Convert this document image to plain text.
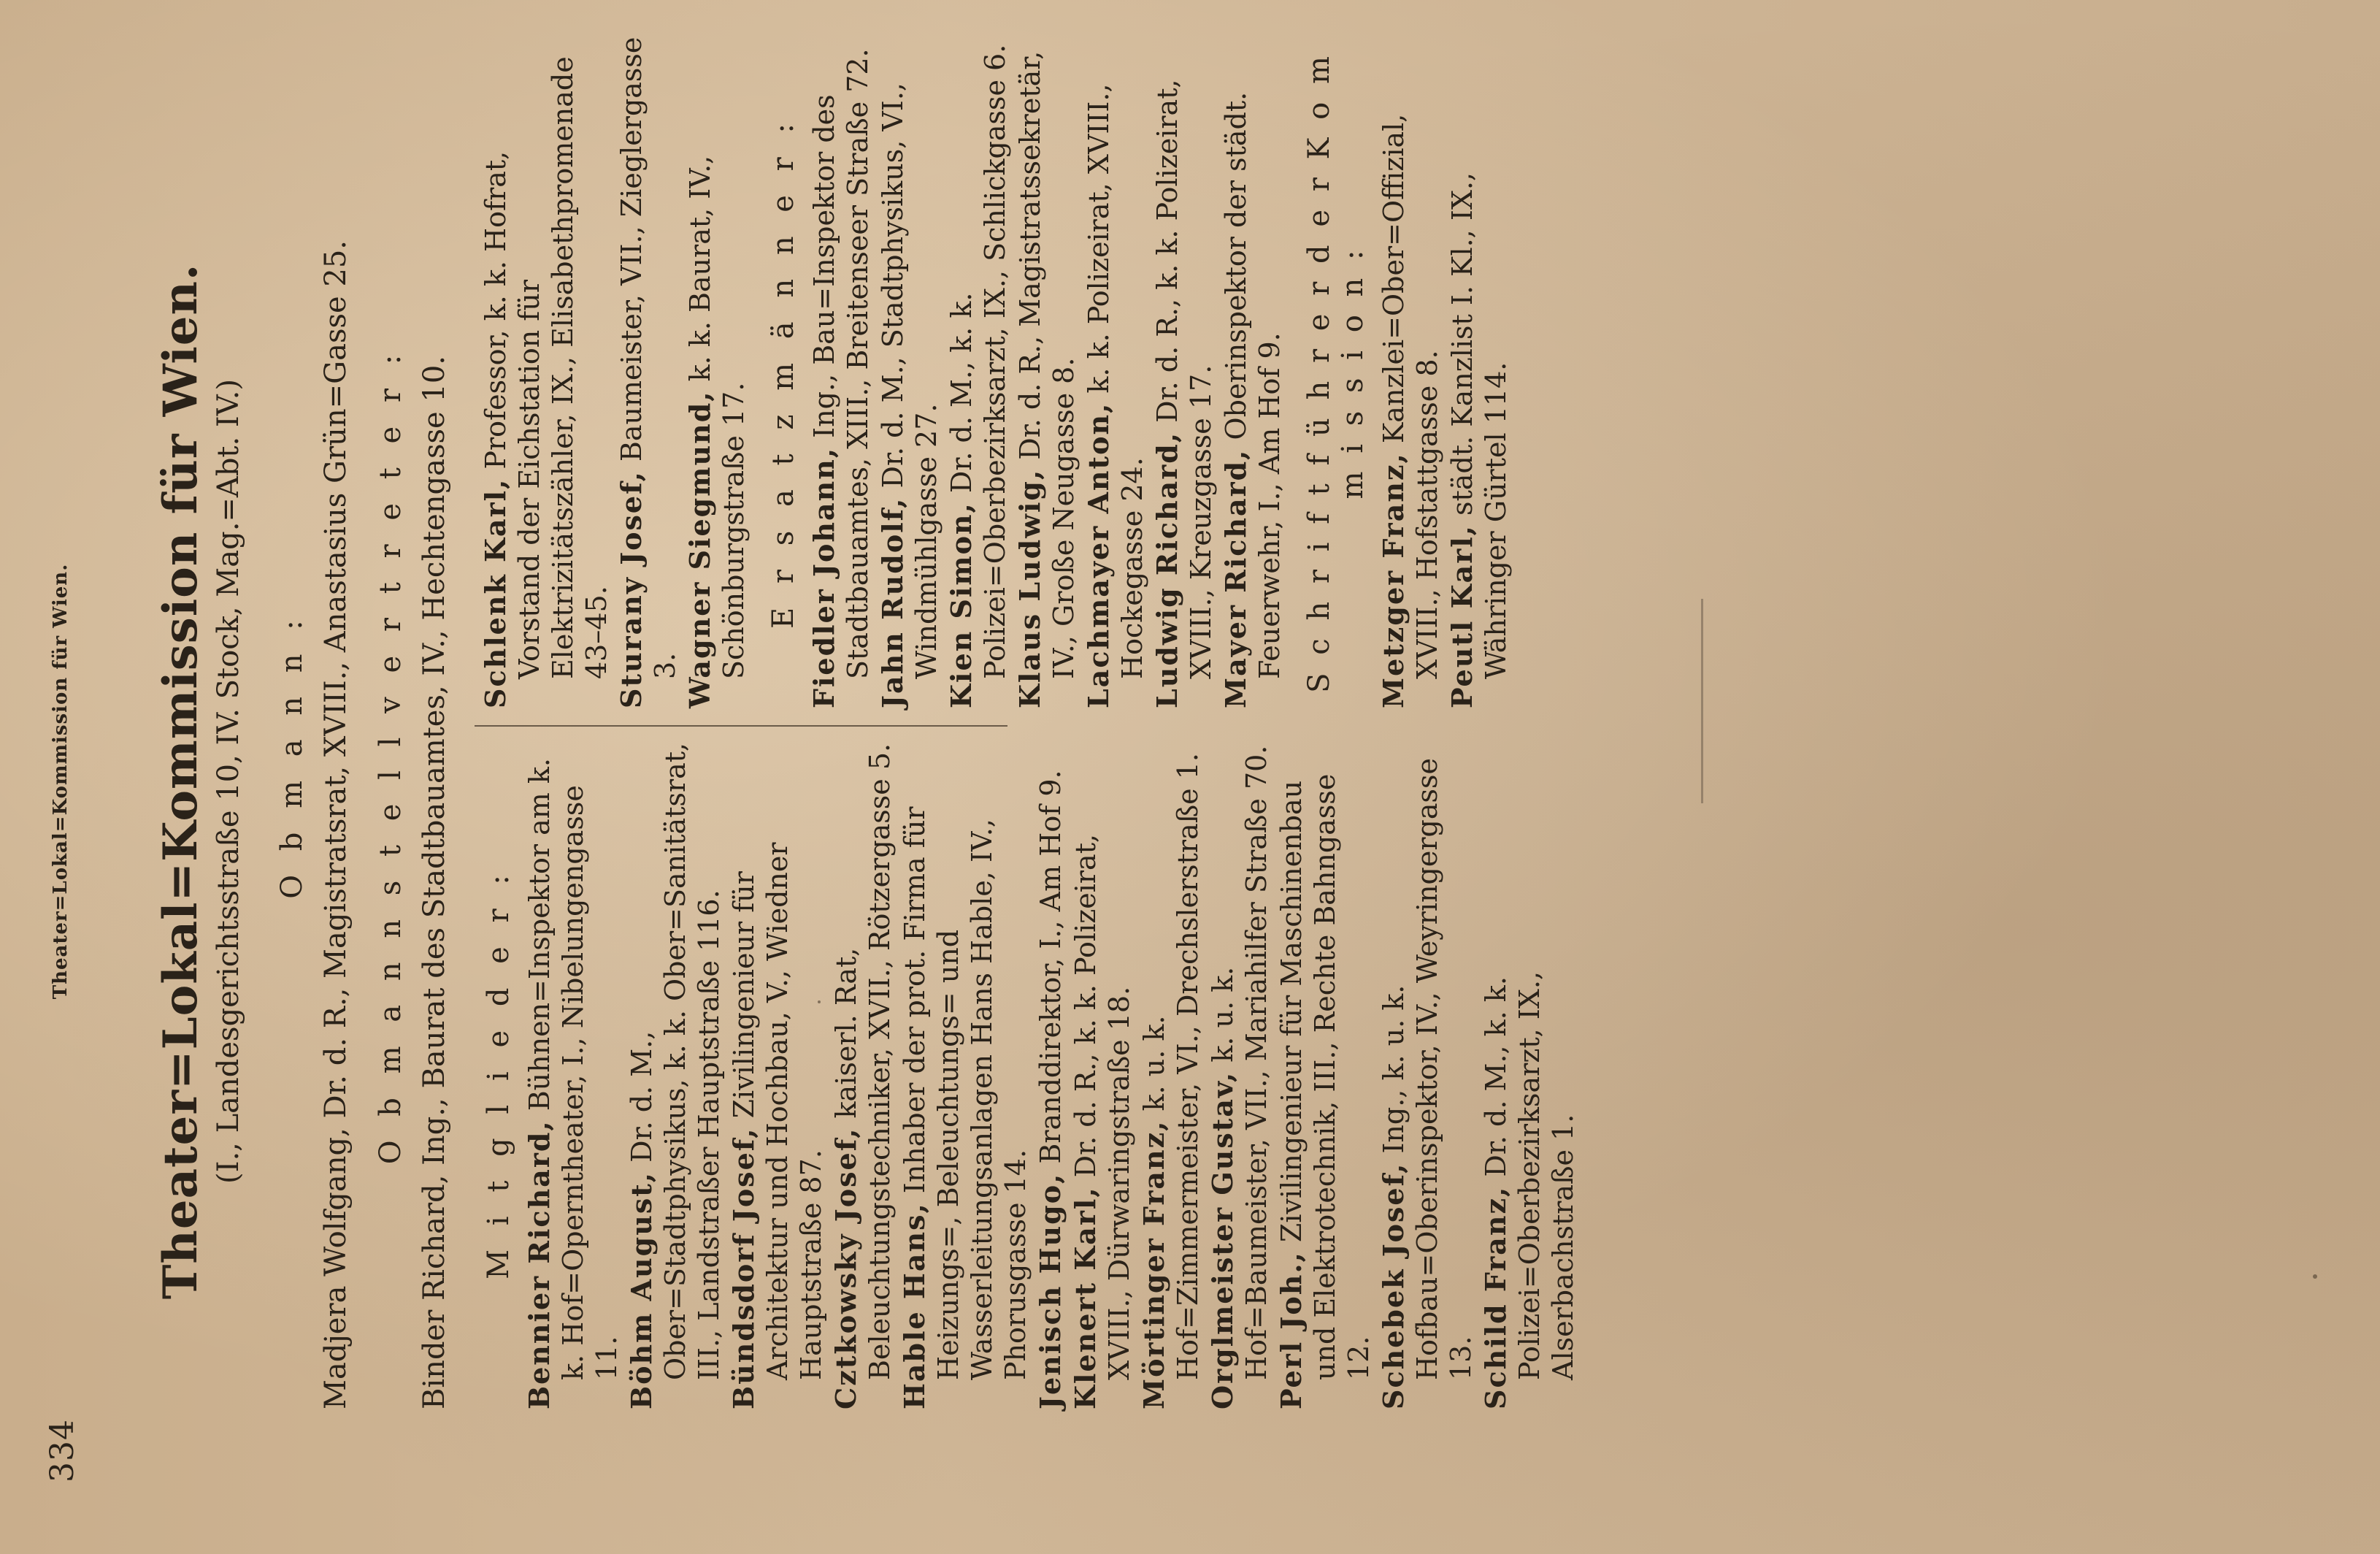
334
Theater=Lokal=Kommission für Wien. Theater=Lokal=Kommission für Wien. (I., Landesgerichtsstraße 10, IV. Stock, Mag.=Abt. IV.) O b m a n n : Madjera Wolfgang, Dr. d. R., Magistratsrat, XVIII., Anastasius Grün=Gasse 25. O b m a n n s t e l l v e r t r e t e r : Binder Richard, Ing., Baurat des Stadtbauamtes, IV., Hechtengasse 10. M i t g l i e d e r : Bennier Richard, Bühnen=Inspektor am k. k. Hof=Operntheater, I., Nibelungengasse 11. Böhm August, Dr. d. M., Ober=Stadtphysikus, k. k. Ober=Sanitätsrat, III., Landstraßer Hauptstraße 116. Bündsdorf Josef, Zivilingenieur für Architektur und Hochbau, V., Wiedner Hauptstraße 87. Cztkowsky Josef, kaiserl. Rat, Beleuchtungstechniker, XVII., Rötzergasse 5. Hable Hans, Inhaber der prot. Firma für Heizungs=, Beleuchtungs= und Wasserleitungsanlagen Hans Hable, IV., Phorusgasse 14. Jenisch Hugo, Branddirektor, I., Am Hof 9.
Klenert Karl, Dr. d. R., k. k. Polizeirat, XVIII., Dürwaringstraße 18. Mörtinger Franz, k. u. k. Hof=Zimmermeister, VI., Drechslerstraße 1. Orglmeister Gustav, k. u. k. Hof=Baumeister, VII., Mariahilfer Straße 70. Perl Joh., Zivilingenieur für Maschinenbau und Elektrotechnik, III., Rechte Bahngasse 12. Schebek Josef, Ing., k. u. k. Hofbau=Oberinspektor, IV., Weyringergasse 13. Schild Franz, Dr. d. M., k. k. Polizei=Oberbezirksarzt, IX., Alserbachstraße 1.
Schlenk Karl, Professor, k. k. Hofrat, Vorstand der Eichstation für Elektrizitätszähler, IX., Elisabethpromenade 43–45. Sturany Josef, Baumeister, VII., Zieglergasse 3. Wagner Siegmund, k. k. Baurat, IV., Schönburgstraße 17. E r s a t z m ä n n e r : Fiedler Johann, Ing., Bau=Inspektor des Stadtbauamtes, XIII., Breitenseer Straße 72. Jahn Rudolf, Dr. d. M., Stadtphysikus, VI., Windmühlgasse 27. Kien Simon, Dr. d. M., k. k. Polizei=Oberbezirksarzt, IX., Schlickgasse 6. Klaus Ludwig, Dr. d. R., Magistratssekretär, IV., Große Neugasse 8. Lachmayer Anton, k. k. Polizeirat, XVIII., Hockegasse 24. Ludwig Richard, Dr. d. R., k. k. Polizeirat, XVIII., Kreuzgasse 17. Mayer Richard, Oberinspektor der städt. Feuerwehr, I., Am Hof 9. S c h r i f t f ü h r e r d e r K o m m i s s i o n :
Metzger Franz, Kanzlei=Ober=Offizial, XVIII., Hofstattgasse 8. Peutl Karl, städt. Kanzlist I. Kl., IX., Währinger Gürtel 114.
